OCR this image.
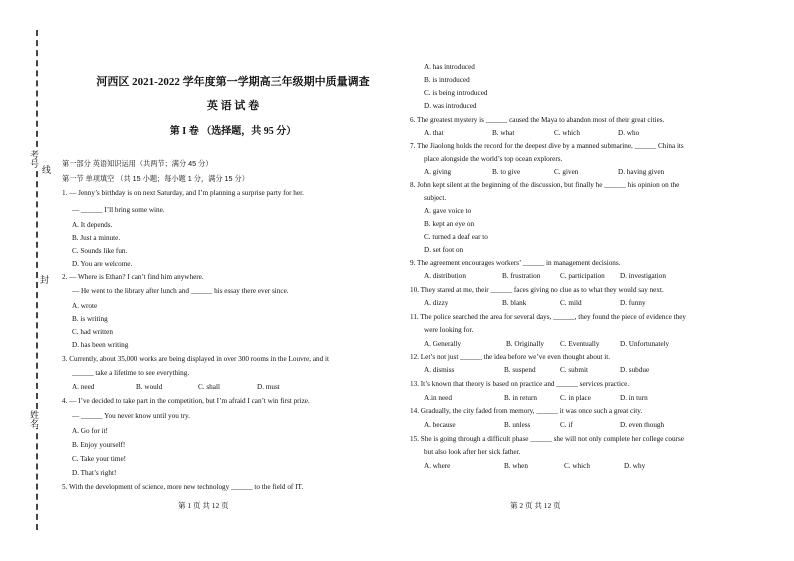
考号
线
封
姓名
河西区 2021-2022 学年度第一学期高三年级期中质量调查
英 语 试 卷
第 I 卷 （选择题，共 95 分）
第一部分 英语知识运用（共两节；满分 45 分）
第一节 单项填空 （共 15 小题；每小题 1 分，满分 15 分）
1. — Jenny’s birthday is on next Saturday, and I’m planning a surprise party for her.
— ______ I’ll bring some wine.
A. It depends.
B. Just a minute.
C. Sounds like fun.
D. You are welcome.
2. — Where is Ethan? I can’t find him anywhere.
— He went to the library after lunch and ______ his essay there ever since.
A. wrote
B. is writing
C. had written
D. has been writing
3. Currently, about 35,000 works are being displayed in over 300 rooms in the Louvre, and it
______ take a lifetime to see everything.
A. need	B. would	C. shall	D. must
4. — I’ve decided to take part in the competition, but I’m afraid I can’t win first prize.
— ______ You never know until you try.
A. Go for it!
B. Enjoy yourself!
C. Take your time!
D. That’s right!
5. With the development of science, more new technology ______ to the field of IT.
第 1 页 共 12 页
A. has introduced
B. is introduced
C. is being introduced
D. was introduced
6. The greatest mystery is ______ caused the Maya to abandon most of their great cities.
A. that	B. what	C. which	D. who
7. The Jiaolong holds the record for the deepest dive by a manned submarine, ______ China its
place alongside the world’s top ocean explorers.
A. giving	B. to give	C. given	D. having given
8. John kept silent at the beginning of the discussion, but finally he ______ his opinion on the
subject.
A. gave voice to
B. kept an eye on
C. turned a deaf ear to
D. set foot on
9. The agreement encourages workers’ ______ in management decisions.
A. distribution	B. frustration	C. participation D. investigation
10. They stared at me, their ______ faces giving no clue as to what they would say next.
A. dizzy	B. blank	C. mild	D. funny
11. The police searched the area for several days, ______, they found the piece of evidence they
were looking for.
A. Generally	B. Originally C. Eventually	D. Unfortunately
12. Let’s not just ______ the idea before we’ve even thought about it.
A. dismiss	B. suspend	C. submit	D. subdue
13. It’s known that theory is based on practice and ______ services practice.
A.in need	B. in return	C. in place	D. in turn
14. Gradually, the city faded from memory, ______ it was once such a great city.
A. because	B. unless	C. if	D. even though
15. She is going through a difficult phase ______ she will not only complete her college course
but also look after her sick father.
A. where	B. when	C. which	D. why
第 2 页 共 12 页
